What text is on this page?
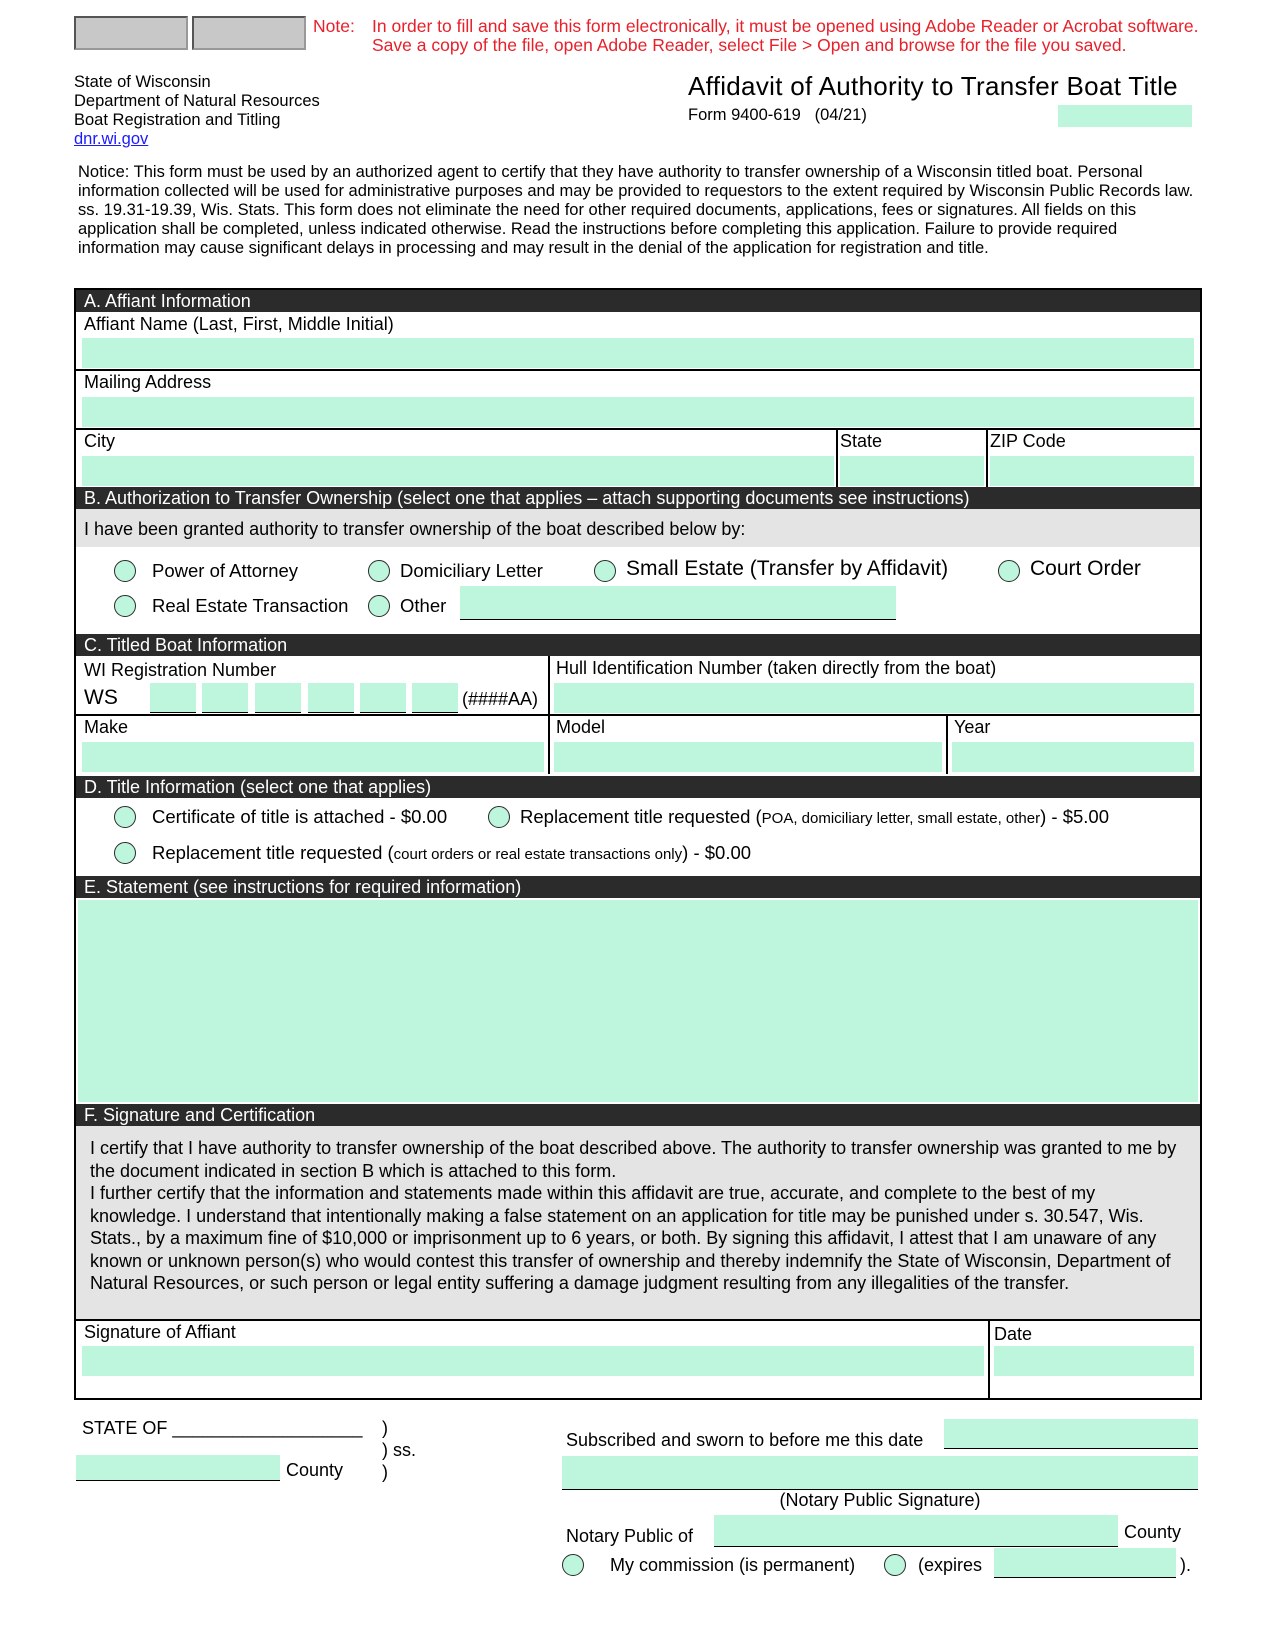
Note: In order to fill and save this form electronically, it must be opened using Adobe Reader or Acrobat software.
Save a copy of the file, open Adobe Reader, select File > Open and browse for the file you saved.
State of Wisconsin
Department of Natural Resources
Boat Registration and Titling
dnr.wi.gov
Affidavit of Authority to Transfer Boat Title
Form 9400-619 (04/21)
Notice: This form must be used by an authorized agent to certify that they have authority to transfer ownership of a Wisconsin titled boat. Personal information collected will be used for administrative purposes and may be provided to requestors to the extent required by Wisconsin Public Records law. ss. 19.31-19.39, Wis. Stats. This form does not eliminate the need for other required documents, applications, fees or signatures. All fields on this application shall be completed, unless indicated otherwise. Read the instructions before completing this application. Failure to provide required information may cause significant delays in processing and may result in the denial of the application for registration and title.
A. Affiant Information
Affiant Name (Last, First, Middle Initial)
Mailing Address
City	State	ZIP Code
B. Authorization to Transfer Ownership (select one that applies – attach supporting documents see instructions)
I have been granted authority to transfer ownership of the boat described below by:
Power of Attorney	Domiciliary Letter	Small Estate (Transfer by Affidavit)	Court Order
Real Estate Transaction	Other
C. Titled Boat Information
WI Registration Number
WS	(####AA)
Hull Identification Number (taken directly from the boat)
Make	Model	Year
D. Title Information (select one that applies)
Certificate of title is attached - $0.00	Replacement title requested (POA, domiciliary letter, small estate, other) - $5.00
Replacement title requested (court orders or real estate transactions only) - $0.00
E. Statement (see instructions for required information)
F. Signature and Certification
I certify that I have authority to transfer ownership of the boat described above. The authority to transfer ownership was granted to me by the document indicated in section B which is attached to this form.
I further certify that the information and statements made within this affidavit are true, accurate, and complete to the best of my knowledge. I understand that intentionally making a false statement on an application for title may be punished under s. 30.547, Wis. Stats., by a maximum fine of $10,000 or imprisonment up to 6 years, or both. By signing this affidavit, I attest that I am unaware of any known or unknown person(s) who would contest this transfer of ownership and thereby indemnify the State of Wisconsin, Department of Natural Resources, or such person or legal entity suffering a damage judgment resulting from any illegalities of the transfer.
Signature of Affiant	Date
STATE OF ___________________ )
) ss.
)
County
Subscribed and sworn to before me this date
(Notary Public Signature)
Notary Public of	County
My commission (is permanent)	(expires	).
